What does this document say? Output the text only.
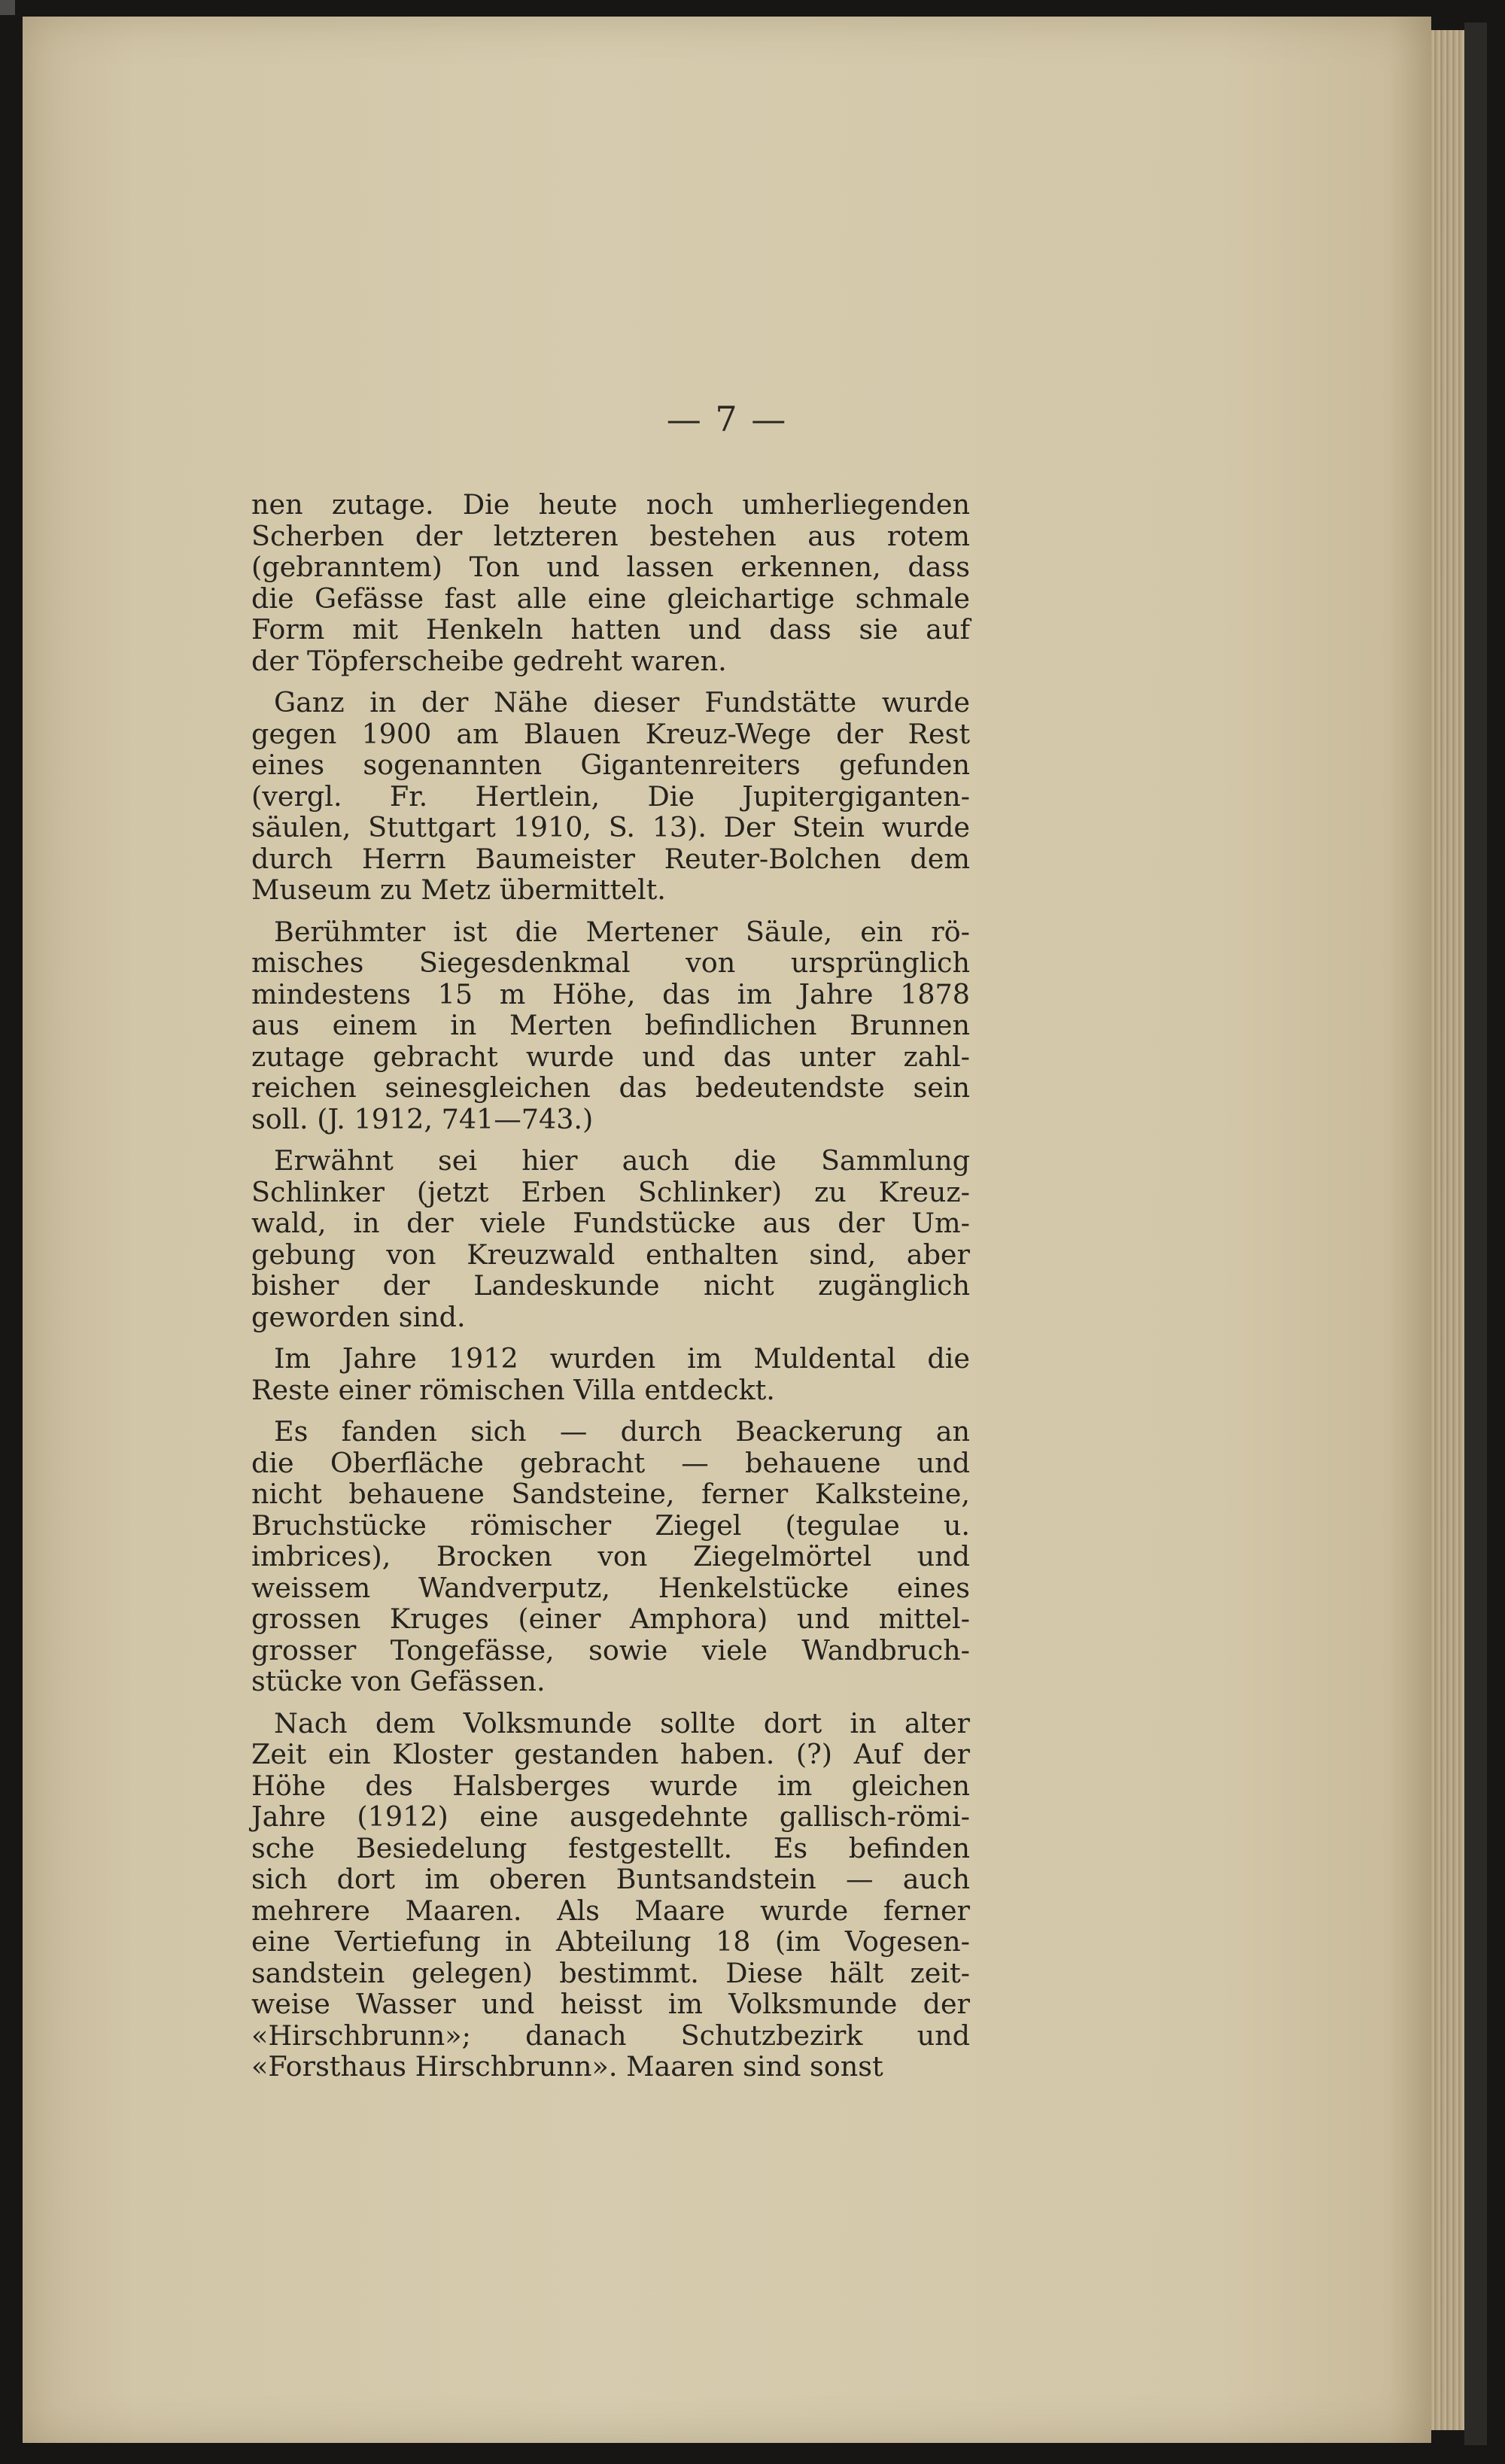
— 7 —
nen zutage. Die heute noch umherliegenden
Scherben der letzteren bestehen aus rotem
(gebranntem) Ton und lassen erkennen, dass
die Gefässe fast alle eine gleichartige schmale
Form mit Henkeln hatten und dass sie auf
der Töpferscheibe gedreht waren.
Ganz in der Nähe dieser Fundstätte wurde
gegen 1900 am Blauen Kreuz-Wege der Rest
eines sogenannten Gigantenreiters gefunden
(vergl. Fr. Hertlein, Die Jupitergiganten-
säulen, Stuttgart 1910, S. 13). Der Stein wurde
durch Herrn Baumeister Reuter-Bolchen dem
Museum zu Metz übermittelt.
Berühmter ist die Mertener Säule, ein rö-
misches Siegesdenkmal von ursprünglich
mindestens 15 m Höhe, das im Jahre 1878
aus einem in Merten befindlichen Brunnen
zutage gebracht wurde und das unter zahl-
reichen seinesgleichen das bedeutendste sein
soll. (J. 1912, 741—743.)
Erwähnt sei hier auch die Sammlung
Schlinker (jetzt Erben Schlinker) zu Kreuz-
wald, in der viele Fundstücke aus der Um-
gebung von Kreuzwald enthalten sind, aber
bisher der Landeskunde nicht zugänglich
geworden sind.
Im Jahre 1912 wurden im Muldental die
Reste einer römischen Villa entdeckt.
Es fanden sich — durch Beackerung an
die Oberfläche gebracht — behauene und
nicht behauene Sandsteine, ferner Kalksteine,
Bruchstücke römischer Ziegel (tegulae u.
imbrices), Brocken von Ziegelmörtel und
weissem Wandverputz, Henkelstücke eines
grossen Kruges (einer Amphora) und mittel-
grosser Tongefässe, sowie viele Wandbruch-
stücke von Gefässen.
Nach dem Volksmunde sollte dort in alter
Zeit ein Kloster gestanden haben. (?) Auf der
Höhe des Halsberges wurde im gleichen
Jahre (1912) eine ausgedehnte gallisch-römi-
sche Besiedelung festgestellt. Es befinden
sich dort im oberen Buntsandstein — auch
mehrere Maaren. Als Maare wurde ferner
eine Vertiefung in Abteilung 18 (im Vogesen-
sandstein gelegen) bestimmt. Diese hält zeit-
weise Wasser und heisst im Volksmunde der
«Hirschbrunn»; danach Schutzbezirk und
«Forsthaus Hirschbrunn». Maaren sind sonst
